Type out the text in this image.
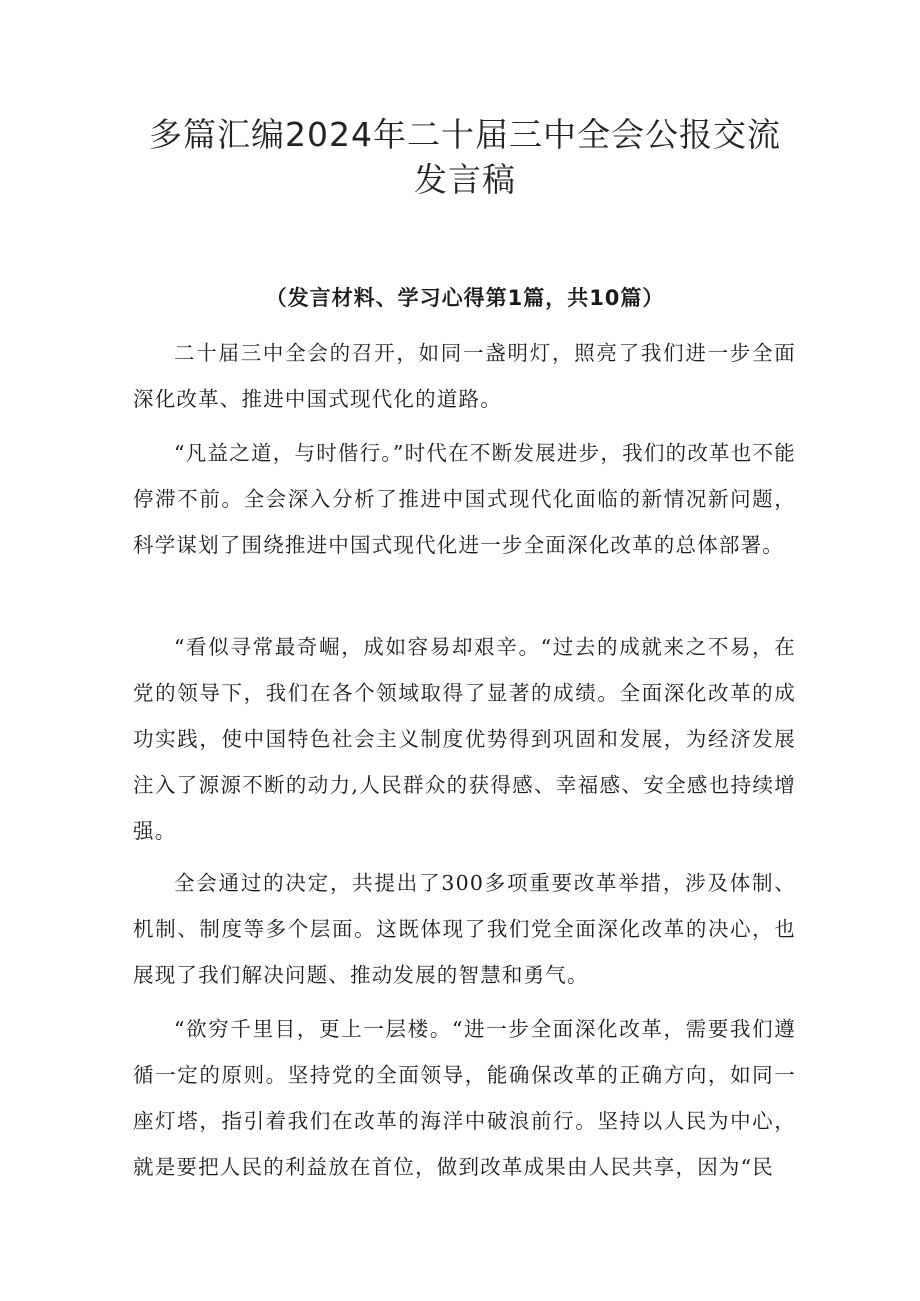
多篇汇编2024年二十届三中全会公报交流
发言稿
（发言材料、学习心得第1篇，共10篇）

二十届三中全会的召开，如同一盏明灯，照亮了我们进一步全面深化改革、推进中国式现代化的道路。

“凡益之道，与时偕行。”时代在不断发展进步，我们的改革也不能停滞不前。全会深入分析了推进中国式现代化面临的新情况新问题，科学谋划了围绕推进中国式现代化进一步全面深化改革的总体部署。

“看似寻常最奇崛，成如容易却艰辛。“过去的成就来之不易，在党的领导下，我们在各个领域取得了显著的成绩。全面深化改革的成功实践，使中国特色社会主义制度优势得到巩固和发展，为经济发展注入了源源不断的动力,人民群众的获得感、幸福感、安全感也持续增强。

全会通过的决定，共提出了300多项重要改革举措，涉及体制、机制、制度等多个层面。这既体现了我们党全面深化改革的决心，也展现了我们解决问题、推动发展的智慧和勇气。

“欲穷千里目，更上一层楼。“进一步全面深化改革，需要我们遵循一定的原则。坚持党的全面领导，能确保改革的正确方向，如同一座灯塔，指引着我们在改革的海洋中破浪前行。坚持以人民为中心，就是要把人民的利益放在首位，做到改革成果由人民共享，因为“民
